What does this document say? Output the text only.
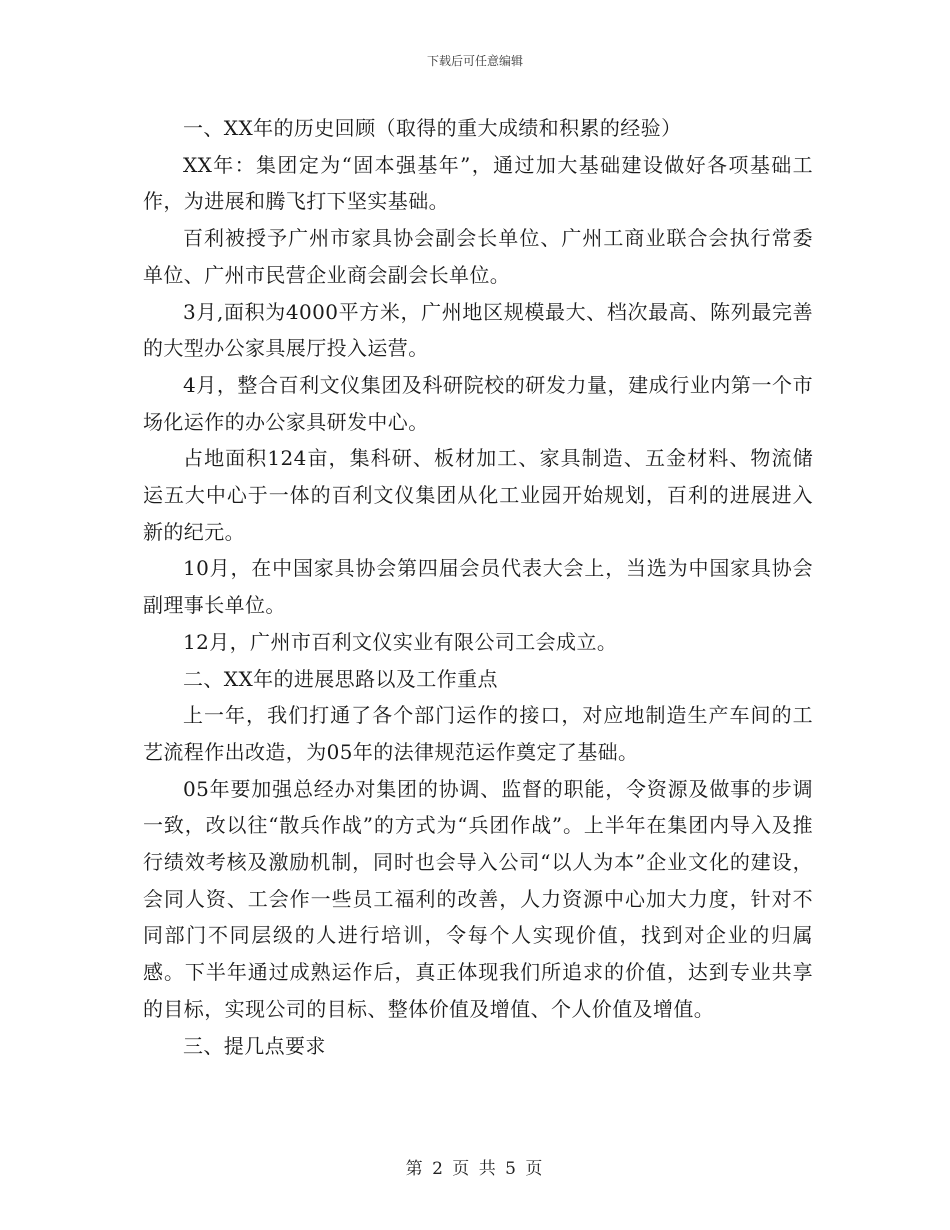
下载后可任意编辑

一、XX年的历史回顾（取得的重大成绩和积累的经验）

XX年：集团定为“固本强基年”，通过加大基础建设做好各项基础工作，为进展和腾飞打下坚实基础。

百利被授予广州市家具协会副会长单位、广州工商业联合会执行常委单位、广州市民营企业商会副会长单位。

3月,面积为4000平方米，广州地区规模最大、档次最高、陈列最完善的大型办公家具展厅投入运营。

4月，整合百利文仪集团及科研院校的研发力量，建成行业内第一个市场化运作的办公家具研发中心。

占地面积124亩，集科研、板材加工、家具制造、五金材料、物流储运五大中心于一体的百利文仪集团从化工业园开始规划，百利的进展进入新的纪元。

10月，在中国家具协会第四届会员代表大会上，当选为中国家具协会副理事长单位。

12月，广州市百利文仪实业有限公司工会成立。

二、XX年的进展思路以及工作重点

上一年，我们打通了各个部门运作的接口，对应地制造生产车间的工艺流程作出改造，为05年的法律规范运作奠定了基础。

05年要加强总经办对集团的协调、监督的职能，令资源及做事的步调一致，改以往“散兵作战”的方式为“兵团作战”。上半年在集团内导入及推行绩效考核及激励机制，同时也会导入公司“以人为本”企业文化的建设，会同人资、工会作一些员工福利的改善，人力资源中心加大力度，针对不同部门不同层级的人进行培训，令每个人实现价值，找到对企业的归属感。下半年通过成熟运作后，真正体现我们所追求的价值，达到专业共享的目标，实现公司的目标、整体价值及增值、个人价值及增值。

三、提几点要求

第 2 页 共 5 页
